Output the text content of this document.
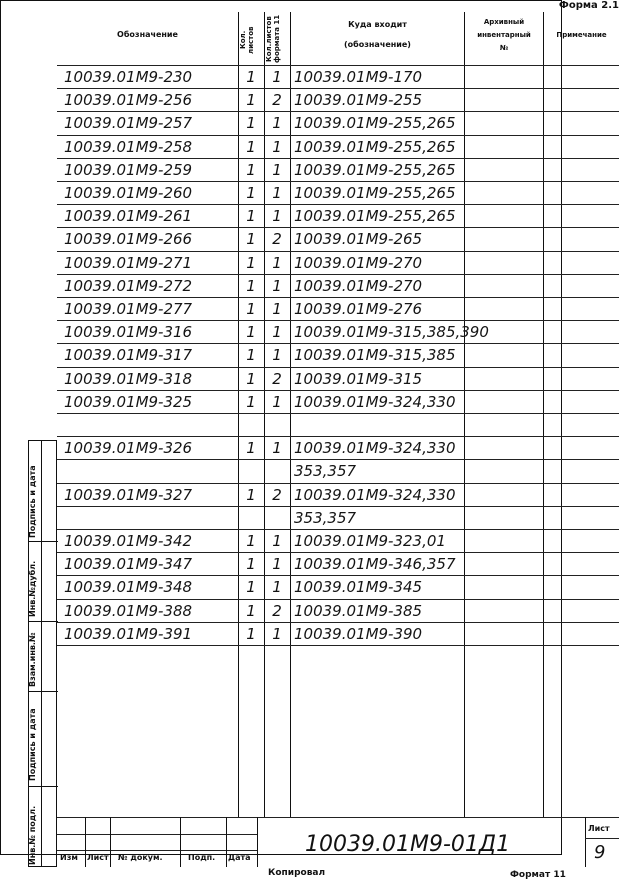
Форма 2.1
Обозначение	Кол. листов	Кол.листов формата 11	Куда входит
(обозначение)
Архивный
инвентарный
№
Примечание
10039.01М9-230	1	1 10039.01М9-170
10039.01М9-256	1	2 10039.01М9-255
10039.01М9-257	1	1 10039.01М9-255,265
10039.01М9-258	1	1 10039.01М9-255,265
10039.01М9-259	1	1 10039.01М9-255,265
10039.01М9-260	1	1 10039.01М9-255,265
10039.01М9-261	1	1 10039.01М9-255,265
10039.01М9-266	1	2 10039.01М9-265
10039.01М9-271	1	1 10039.01М9-270
10039.01М9-272	1	1 10039.01М9-270
10039.01М9-277	1	1 10039.01М9-276
10039.01М9-316	1	1 10039.01М9-315,385,390
10039.01М9-317	1	1 10039.01М9-315,385
10039.01М9-318	1	2 10039.01М9-315
10039.01М9-325	1	1 10039.01М9-324,330
10039.01М9-326	1	1 10039.01М9-324,330
353,357
10039.01М9-327	1	2 10039.01М9-324,330
353,357
10039.01М9-342	1	1 10039.01М9-323,01
10039.01М9-347	1	1 10039.01М9-346,357
10039.01М9-348	1	1 10039.01М9-345
10039.01М9-388	1	2 10039.01М9-385
10039.01М9-391	1	1 10039.01М9-390
Изм Лист № докум.	Подп. Дата
10039.01М9-01Д1
Лист
9
Подпись и дата
Инв.№дубл.
Взам.инв.№
Подпись и дата
Инв.№ подл.
Копировал	Формат 11
